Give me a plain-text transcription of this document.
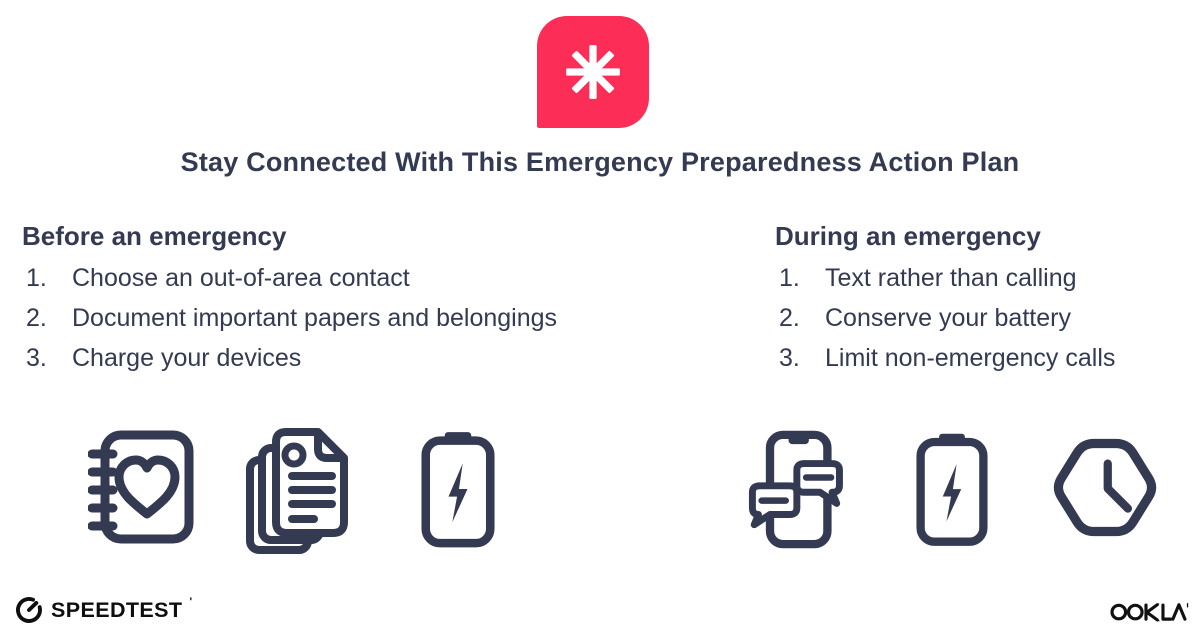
Stay Connected With This Emergency Preparedness Action Plan
Before an emergency
1.	Choose an out-of-area contact
2.	Document important papers and belongings
3.	Charge your devices
During an emergency
1.	Text rather than calling
2.	Conserve your battery
3.	Limit non-emergency calls
SPEEDTEST '
